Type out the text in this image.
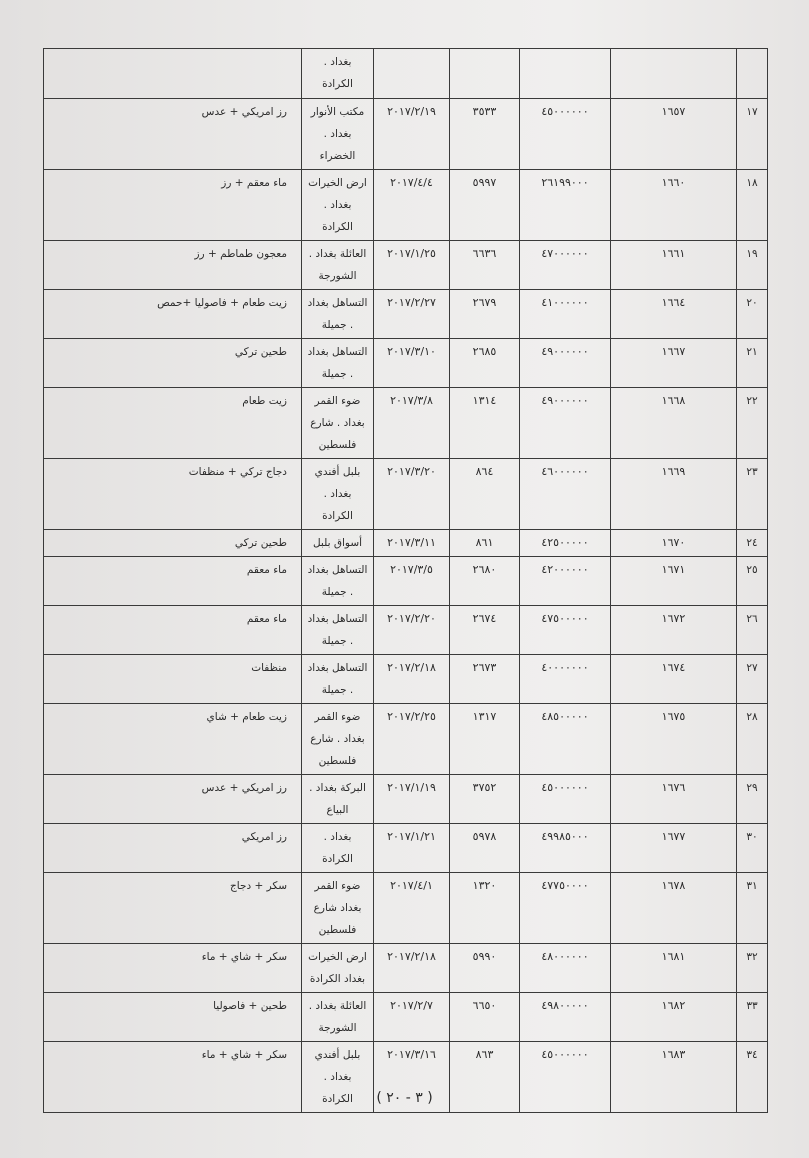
					بغداد .
الكرادة	
١٧	١٦٥٧	٤٥٠٠٠٠٠٠	٣٥٣٣	٢٠١٧/٢/١٩	مكتب الأنوار
بغداد .
الخضراء	رز امريكي + عدس
١٨	١٦٦٠	٢٦١٩٩٠٠٠	٥٩٩٧	٢٠١٧/٤/٤	ارض الخيرات
بغداد .
الكرادة	ماء معقم + رز
١٩	١٦٦١	٤٧٠٠٠٠٠٠	٦٦٣٦	٢٠١٧/١/٢٥	العائلة بغداد .
الشورجة	معجون طماطم + رز
٢٠	١٦٦٤	٤١٠٠٠٠٠٠	٢٦٧٩	٢٠١٧/٢/٢٧	التساهل بغداد
. جميلة	زيت طعام + فاصوليا +حمص
٢١	١٦٦٧	٤٩٠٠٠٠٠٠	٢٦٨٥	٢٠١٧/٣/١٠	التساهل بغداد
. جميلة	طحين تركي
٢٢	١٦٦٨	٤٩٠٠٠٠٠٠	١٣١٤	٢٠١٧/٣/٨	ضوء القمر
بغداد . شارع
فلسطين	زيت طعام
٢٣	١٦٦٩	٤٦٠٠٠٠٠٠	٨٦٤	٢٠١٧/٣/٢٠	بلبل أفندي
بغداد .
الكرادة	دجاج تركي + منظفات
٢٤	١٦٧٠	٤٢٥٠٠٠٠٠	٨٦١	٢٠١٧/٣/١١	أسواق بلبل	طحين تركي
٢٥	١٦٧١	٤٢٠٠٠٠٠٠	٢٦٨٠	٢٠١٧/٣/٥	التساهل بغداد
. جميلة	ماء معقم
٢٦	١٦٧٢	٤٧٥٠٠٠٠٠	٢٦٧٤	٢٠١٧/٢/٢٠	التساهل بغداد
. جميلة	ماء معقم
٢٧	١٦٧٤	٤٠٠٠٠٠٠٠	٢٦٧٣	٢٠١٧/٢/١٨	التساهل بغداد
. جميلة	منظفات
٢٨	١٦٧٥	٤٨٥٠٠٠٠٠	١٣١٧	٢٠١٧/٢/٢٥	ضوء القمر
بغداد . شارع
فلسطين	زيت طعام + شاي
٢٩	١٦٧٦	٤٥٠٠٠٠٠٠	٣٧٥٢	٢٠١٧/١/١٩	البركة بغداد .
البياع	رز امريكي + عدس
٣٠	١٦٧٧	٤٩٩٨٥٠٠٠	٥٩٧٨	٢٠١٧/١/٢١	بغداد .
الكرادة	رز امريكي
٣١	١٦٧٨	٤٧٧٥٠٠٠٠	١٣٢٠	٢٠١٧/٤/١	ضوء القمر
بغداد شارع
فلسطين	سكر + دجاج
٣٢	١٦٨١	٤٨٠٠٠٠٠٠	٥٩٩٠	٢٠١٧/٢/١٨	ارض الخيرات
بغداد الكرادة	سكر + شاي + ماء
٣٣	١٦٨٢	٤٩٨٠٠٠٠٠	٦٦٥٠	٢٠١٧/٢/٧	العائلة بغداد .
الشورجة	طحين + فاصوليا
٣٤	١٦٨٣	٤٥٠٠٠٠٠٠	٨٦٣	٢٠١٧/٣/١٦	بلبل أفندي
بغداد .
الكرادة	سكر + شاي + ماء
( ٣ - ٢٠ )
